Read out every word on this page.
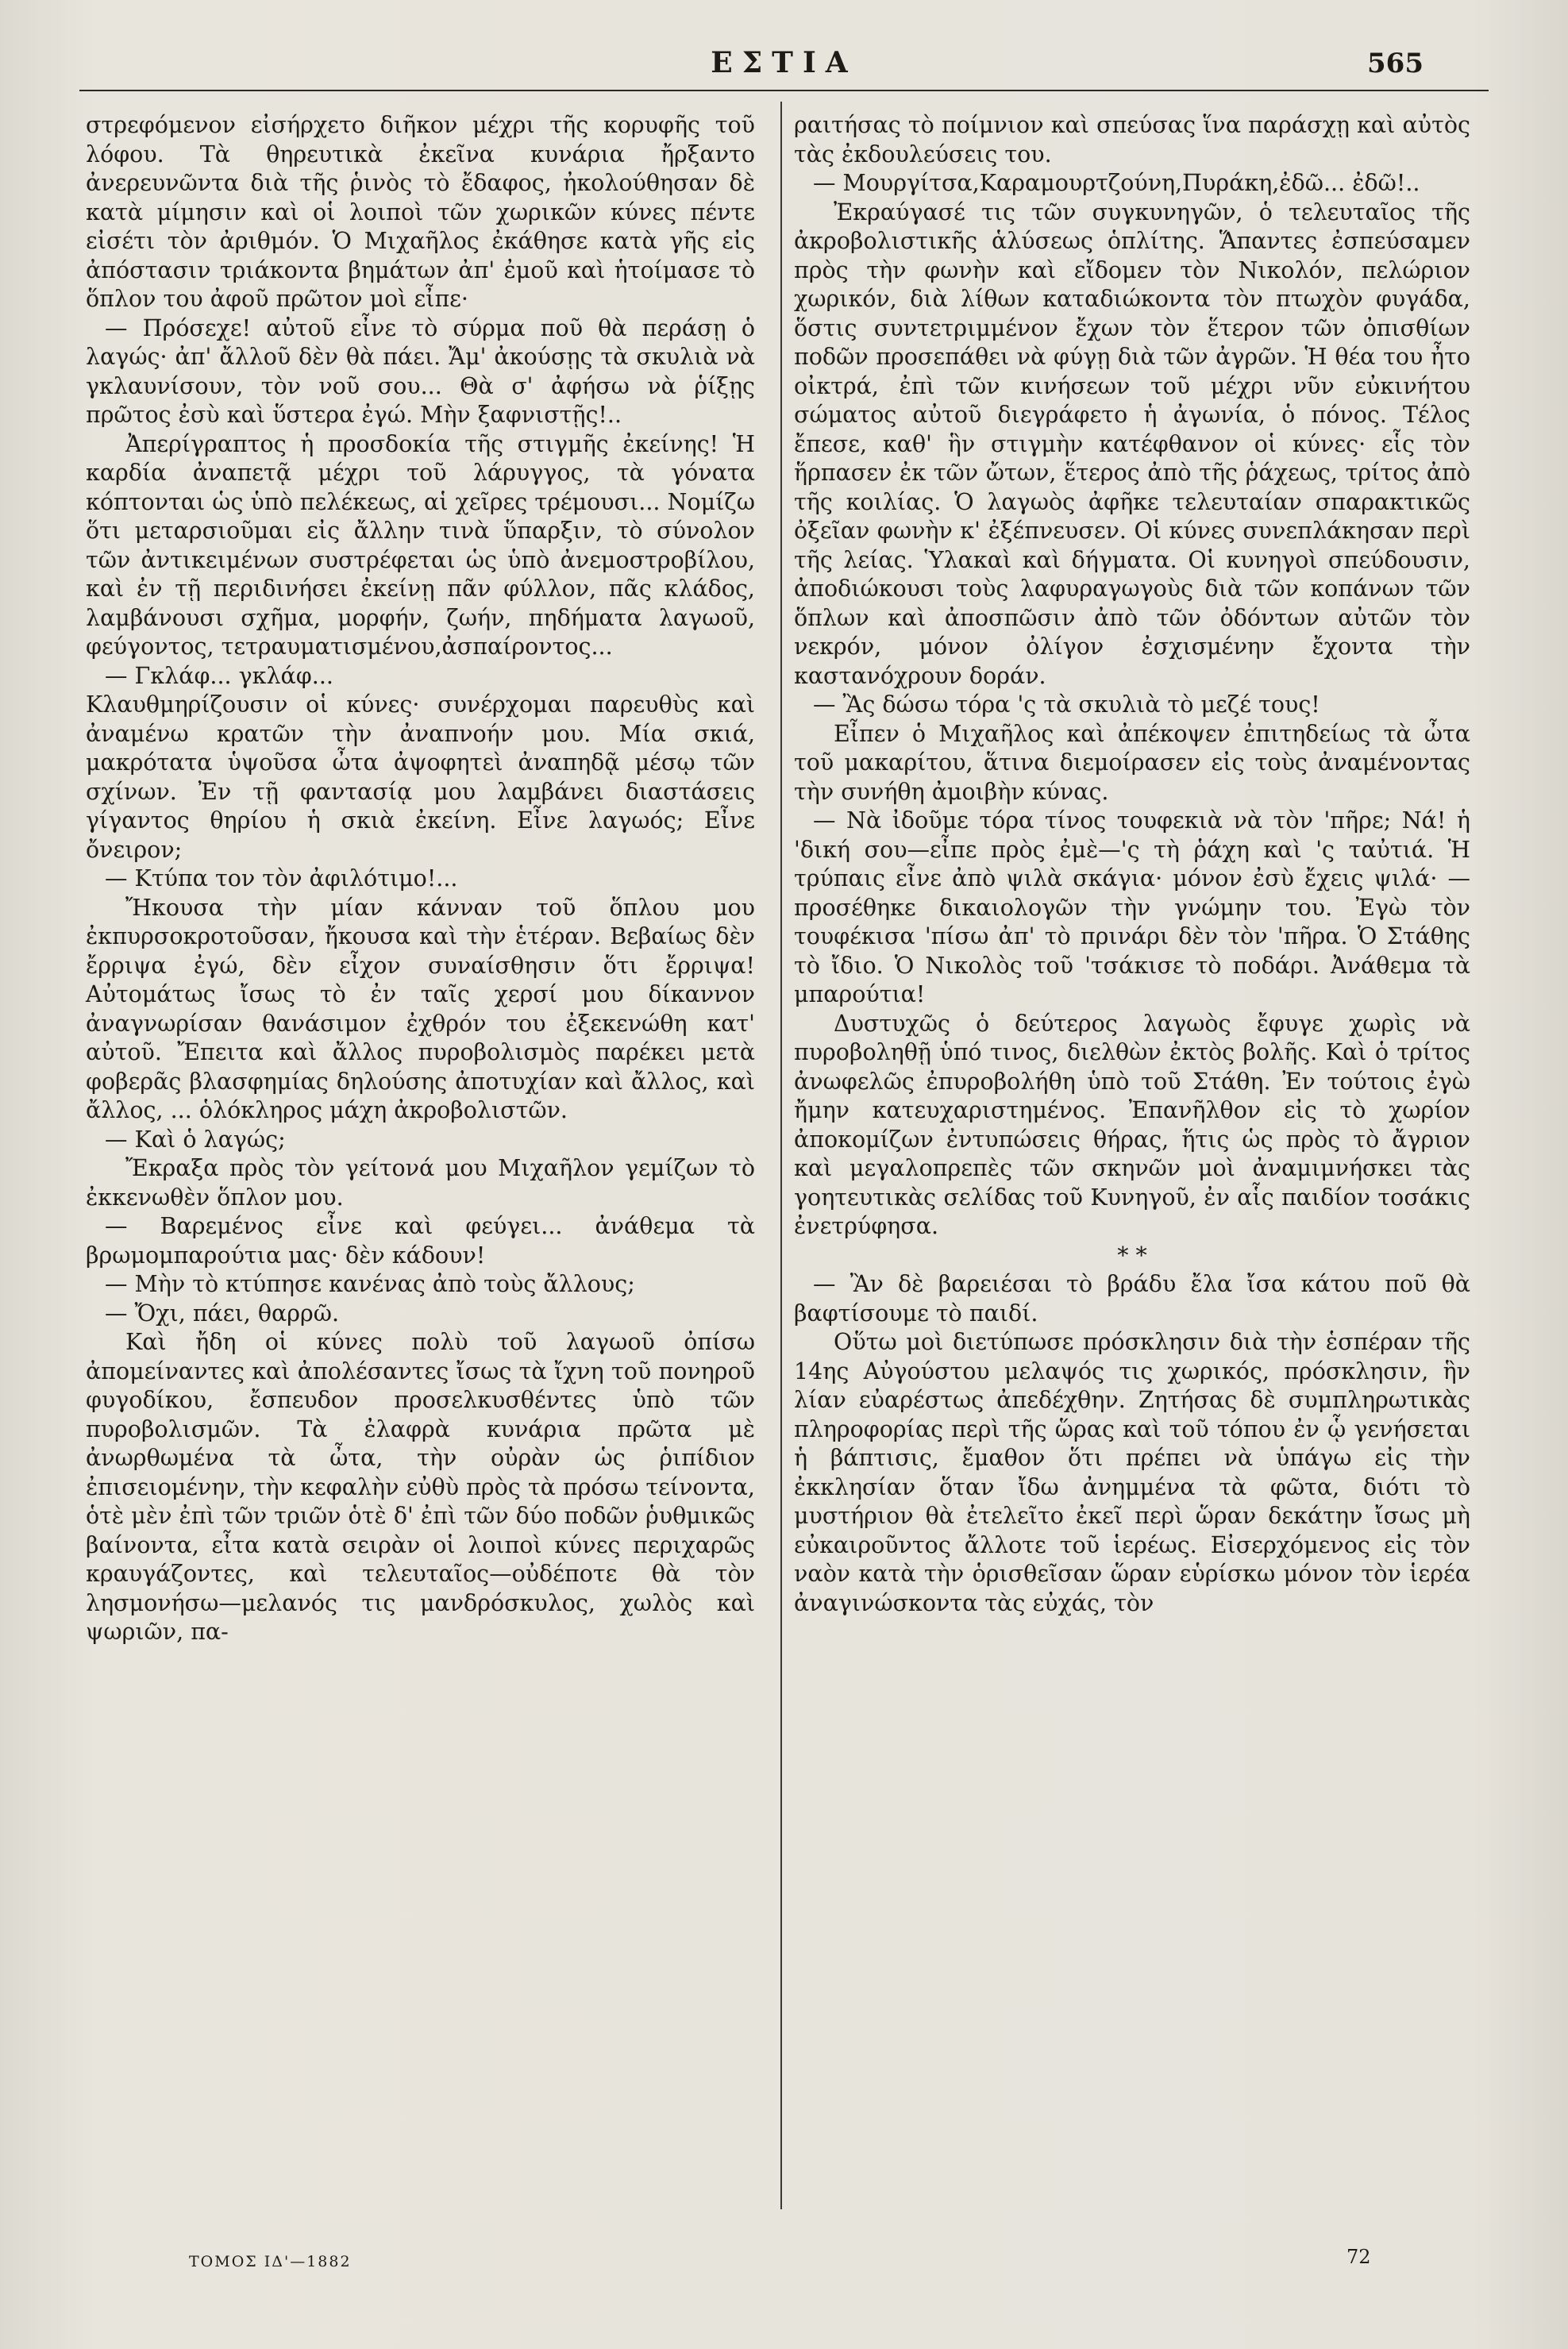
ΕΣΤΙΑ	565

στρεφόμενον εἰσήρχετο διῆκον μέχρι τῆς κορυφῆς τοῦ λόφου. Τὰ θηρευτικὰ ἐκεῖνα κυνάρια ἤρξαντο ἀνερευνῶντα διὰ τῆς ῥινὸς τὸ ἔδαφος, ἠκολούθησαν δὲ κατὰ μίμησιν καὶ οἱ λοιποὶ τῶν χωρικῶν κύνες πέντε εἰσέτι τὸν ἀριθμόν. Ὁ Μιχαῆλος ἐκάθησε κατὰ γῆς εἰς ἀπόστασιν τριάκοντα βημάτων ἀπ' ἐμοῦ καὶ ἡτοίμασε τὸ ὅπλον του ἀφοῦ πρῶτον μοὶ εἶπε·

— Πρόσεχε! αὐτοῦ εἶνε τὸ σύρμα ποῦ θὰ περάσῃ ὁ λαγώς· ἀπ' ἄλλοῦ δὲν θὰ πάει. Ἄμ' ἀκούσῃς τὰ σκυλιὰ νὰ γκλαυνίσουν, τὸν νοῦ σου... Θὰ σ' ἀφήσω νὰ ῥίξῃς πρῶτος ἐσὺ καὶ ὕστερα ἐγώ. Μὴν ξαφνιστῇς!..

Ἀπερίγραπτος ἡ προσδοκία τῆς στιγμῆς ἐκείνης! Ἡ καρδία ἀναπετᾷ μέχρι τοῦ λάρυγγος, τὰ γόνατα κόπτονται ὡς ὑπὸ πελέκεως, αἱ χεῖρες τρέμουσι... Νομίζω ὅτι μεταρσιοῦμαι εἰς ἄλλην τινὰ ὕπαρξιν, τὸ σύνολον τῶν ἀντικειμένων συστρέφεται ὡς ὑπὸ ἀνεμοστροβίλου, καὶ ἐν τῇ περιδινήσει ἐκείνῃ πᾶν φύλλον, πᾶς κλάδος, λαμβάνουσι σχῆμα, μορφήν, ζωήν, πηδήματα λαγωοῦ, φεύγοντος, τετραυματισμένου,ἀσπαίροντος...

— Γκλάφ... γκλάφ...

Κλαυθμηρίζουσιν οἱ κύνες· συνέρχομαι παρευθὺς καὶ ἀναμένω κρατῶν τὴν ἀναπνοήν μου. Μία σκιά, μακρότατα ὑψοῦσα ὦτα ἀψοφητεὶ ἀναπηδᾷ μέσῳ τῶν σχίνων. Ἐν τῇ φαντασίᾳ μου λαμβάνει διαστάσεις γίγαντος θηρίου ἡ σκιὰ ἐκείνη. Εἶνε λαγωός; Εἶνε ὄνειρον;

— Κτύπα τον τὸν ἀφιλότιμο!...

Ἤκουσα τὴν μίαν κάνναν τοῦ ὅπλου μου ἐκπυρσοκροτοῦσαν, ἤκουσα καὶ τὴν ἑτέραν. Βεβαίως δὲν ἔρριψα ἐγώ, δὲν εἶχον συναίσθησιν ὅτι ἔρριψα! Αὐτομάτως ἴσως τὸ ἐν ταῖς χερσί μου δίκαννον ἀναγνωρίσαν θανάσιμον ἐχθρόν του ἐξεκενώθη κατ' αὐτοῦ. Ἔπειτα καὶ ἄλλος πυροβολισμὸς παρέκει μετὰ φοβερᾶς βλασφημίας δηλούσης ἀποτυχίαν καὶ ἄλλος, καὶ ἄλλος, ... ὁλόκληρος μάχη ἀκροβολιστῶν.

— Καὶ ὁ λαγώς;

Ἔκραξα πρὸς τὸν γείτονά μου Μιχαῆλον γεμίζων τὸ ἐκκενωθὲν ὅπλον μου.

— Βαρεμένος εἶνε καὶ φεύγει... ἀνάθεμα τὰ βρωμομπαρούτια μας· δὲν κάδουν!

— Μὴν τὸ κτύπησε κανένας ἀπὸ τοὺς ἄλλους;

— Ὄχι, πάει, θαρρῶ.

Καὶ ἤδη οἱ κύνες πολὺ τοῦ λαγωοῦ ὀπίσω ἀπομείναντες καὶ ἀπολέσαντες ἴσως τὰ ἴχνη τοῦ πονηροῦ φυγοδίκου, ἔσπευδον προσελκυσθέντες ὑπὸ τῶν πυροβολισμῶν. Τὰ ἐλαφρὰ κυνάρια πρῶτα μὲ ἀνωρθωμένα τὰ ὦτα, τὴν οὐρὰν ὡς ῥιπίδιον ἐπισειομένην, τὴν κεφαλὴν εὐθὺ πρὸς τὰ πρόσω τείνοντα, ὁτὲ μὲν ἐπὶ τῶν τριῶν ὁτὲ δ' ἐπὶ τῶν δύο ποδῶν ῥυθμικῶς βαίνοντα, εἶτα κατὰ σειρὰν οἱ λοιποὶ κύνες περιχαρῶς κραυγάζοντες, καὶ τελευταῖος—οὐδέποτε θὰ τὸν λησμονήσω—μελανός τις μανδρόσκυλος, χωλὸς καὶ ψωριῶν, πα-

ραιτήσας τὸ ποίμνιον καὶ σπεύσας ἵνα παράσχῃ καὶ αὐτὸς τὰς ἐκδουλεύσεις του.

— Μουργίτσα,Καραμουρτζούνη,Πυράκη,ἐδῶ... ἐδῶ!..

Ἐκραύγασέ τις τῶν συγκυνηγῶν, ὁ τελευταῖος τῆς ἀκροβολιστικῆς ἁλύσεως ὁπλίτης. Ἅπαντες ἐσπεύσαμεν πρὸς τὴν φωνὴν καὶ εἴδομεν τὸν Νικολόν, πελώριον χωρικόν, διὰ λίθων καταδιώκοντα τὸν πτωχὸν φυγάδα, ὅστις συντετριμμένον ἔχων τὸν ἕτερον τῶν ὀπισθίων ποδῶν προσεπάθει νὰ φύγῃ διὰ τῶν ἀγρῶν. Ἡ θέα του ἦτο οἰκτρά, ἐπὶ τῶν κινήσεων τοῦ μέχρι νῦν εὐκινήτου σώματος αὐτοῦ διεγράφετο ἡ ἀγωνία, ὁ πόνος. Τέλος ἔπεσε, καθ' ἣν στιγμὴν κατέφθανον οἱ κύνες· εἷς τὸν ἥρπασεν ἐκ τῶν ὤτων, ἕτερος ἀπὸ τῆς ῥάχεως, τρίτος ἀπὸ τῆς κοιλίας. Ὁ λαγωὸς ἀφῆκε τελευταίαν σπαρακτικῶς ὀξεῖαν φωνὴν κ' ἐξέπνευσεν. Οἱ κύνες συνεπλάκησαν περὶ τῆς λείας. Ὑλακαὶ καὶ δήγματα. Οἱ κυνηγοὶ σπεύδουσιν, ἀποδιώκουσι τοὺς λαφυραγωγοὺς διὰ τῶν κοπάνων τῶν ὅπλων καὶ ἀποσπῶσιν ἀπὸ τῶν ὀδόντων αὐτῶν τὸν νεκρόν, μόνον ὀλίγον ἐσχισμένην ἔχοντα τὴν καστανόχρουν δοράν.

— Ἂς δώσω τόρα 'ς τὰ σκυλιὰ τὸ μεζέ τους!

Εἶπεν ὁ Μιχαῆλος καὶ ἀπέκοψεν ἐπιτηδείως τὰ ὦτα τοῦ μακαρίτου, ἅτινα διεμοίρασεν εἰς τοὺς ἀναμένοντας τὴν συνήθη ἀμοιβὴν κύνας.

— Νὰ ἰδοῦμε τόρα τίνος τουφεκιὰ νὰ τὸν 'πῆρε; Νά! ἡ 'δική σου—εἶπε πρὸς ἐμὲ—'ς τὴ ῥάχη καὶ 'ς ταὐτιά. Ἡ τρύπαις εἶνε ἀπὸ ψιλὰ σκάγια· μόνον ἐσὺ ἔχεις ψιλά· — προσέθηκε δικαιολογῶν τὴν γνώμην του. Ἐγὼ τὸν τουφέκισα 'πίσω ἀπ' τὸ πρινάρι δὲν τὸν 'πῆρα. Ὁ Στάθης τὸ ἴδιο. Ὁ Νικολὸς τοῦ 'τσάκισε τὸ ποδάρι. Ἀνάθεμα τὰ μπαρούτια!

Δυστυχῶς ὁ δεύτερος λαγωὸς ἔφυγε χωρὶς νὰ πυροβοληθῇ ὑπό τινος, διελθὼν ἐκτὸς βολῆς. Καὶ ὁ τρίτος ἀνωφελῶς ἐπυροβολήθη ὑπὸ τοῦ Στάθη. Ἐν τούτοις ἐγὼ ἤμην κατευχαριστημένος. Ἐπανῆλθον εἰς τὸ χωρίον ἀποκομίζων ἐντυπώσεις θήρας, ἥτις ὡς πρὸς τὸ ἄγριον καὶ μεγαλοπρεπὲς τῶν σκηνῶν μοὶ ἀναμιμνήσκει τὰς γοητευτικὰς σελίδας τοῦ Κυνηγοῦ, ἐν αἷς παιδίον τοσάκις ἐνετρύφησα.

* *

— Ἂν δὲ βαρειέσαι τὸ βράδυ ἔλα ἴσα κάτου ποῦ θὰ βαφτίσουμε τὸ παιδί.

Οὕτω μοὶ διετύπωσε πρόσκλησιν διὰ τὴν ἑσπέραν τῆς 14ης Αὐγούστου μελαψός τις χωρικός, πρόσκλησιν, ἣν λίαν εὐαρέστως ἀπεδέχθην. Ζητήσας δὲ συμπληρωτικὰς πληροφορίας περὶ τῆς ὥρας καὶ τοῦ τόπου ἐν ᾧ γενήσεται ἡ βάπτισις, ἔμαθον ὅτι πρέπει νὰ ὑπάγω εἰς τὴν ἐκκλησίαν ὅταν ἴδω ἀνημμένα τὰ φῶτα, διότι τὸ μυστήριον θὰ ἐτελεῖτο ἐκεῖ περὶ ὥραν δεκάτην ἴσως μὴ εὐκαιροῦντος ἄλλοτε τοῦ ἱερέως. Εἰσερχόμενος εἰς τὸν ναὸν κατὰ τὴν ὁρισθεῖσαν ὥραν εὑρίσκω μόνον τὸν ἱερέα ἀναγινώσκοντα τὰς εὐχάς, τὸν

ΤΟΜΟΣ ΙΔ'—1882	72
